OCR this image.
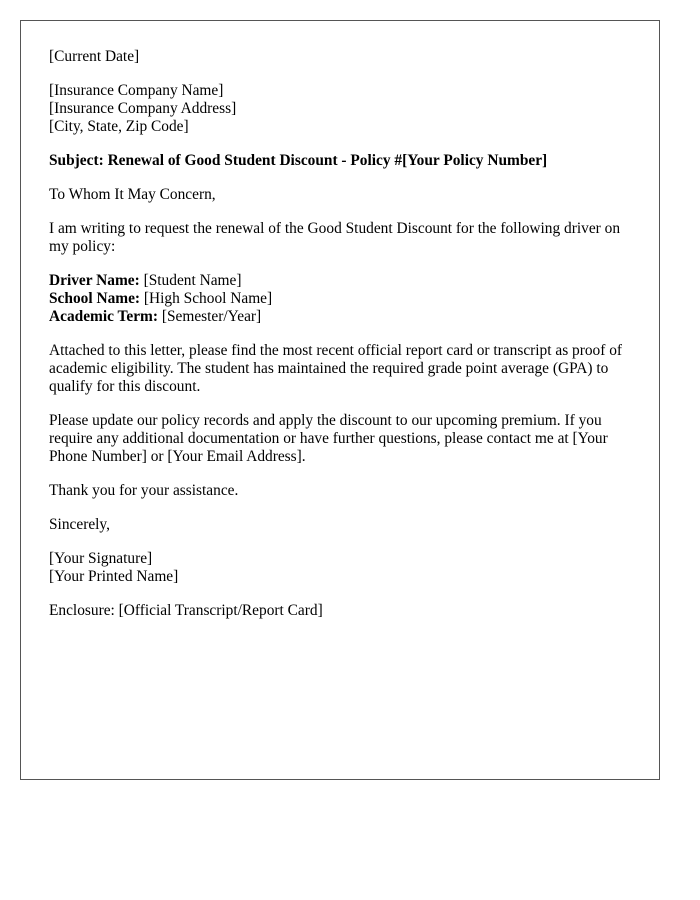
[Current Date]

[Insurance Company Name]
[Insurance Company Address]
[City, State, Zip Code]

Subject: Renewal of Good Student Discount - Policy #[Your Policy Number]

To Whom It May Concern,

I am writing to request the renewal of the Good Student Discount for the following driver on my policy:

Driver Name: [Student Name]
School Name: [High School Name]
Academic Term: [Semester/Year]

Attached to this letter, please find the most recent official report card or transcript as proof of academic eligibility. The student has maintained the required grade point average (GPA) to qualify for this discount.

Please update our policy records and apply the discount to our upcoming premium. If you require any additional documentation or have further questions, please contact me at [Your Phone Number] or [Your Email Address].

Thank you for your assistance.

Sincerely,

[Your Signature]
[Your Printed Name]

Enclosure: [Official Transcript/Report Card]
